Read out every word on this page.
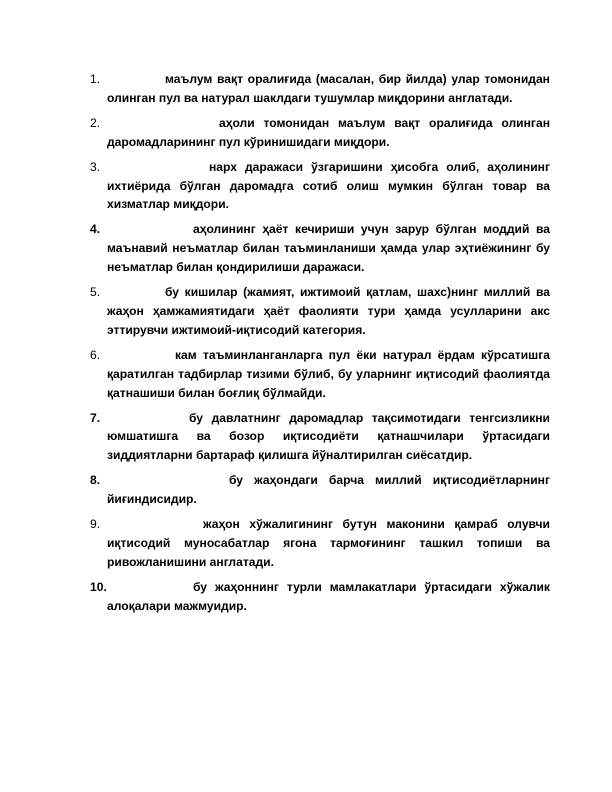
1.	маълум вақт оралиғида (масалан, бир йилда) улар томонидан олинган пул ва натурал шаклдаги тушумлар миқдорини англатади.
2.	аҳоли томонидан маълум вақт оралиғида олинган даромадларининг пул кўринишидаги миқдори.
3.	нарх даражаси ўзгаришини ҳисобга олиб, аҳолининг ихтиёрида бўлган даромадга сотиб олиш мумкин бўлган товар ва хизматлар миқдори.
4.	аҳолининг ҳаёт кечириши учун зарур бўлган моддий ва маънавий неъматлар билан таъминланиши ҳамда улар эҳтиёжининг бу неъматлар билан қондирилиши даражаси.
5.	бу кишилар (жамият, ижтимоий қатлам, шахс)нинг миллий ва жаҳон ҳамжамиятидаги ҳаёт фаолияти тури ҳамда усулларини акс эттирувчи ижтимоий-иқтисодий категория.
6.	кам таъминланганларга пул ёки натурал ёрдам кўрсатишга қаратилган тадбирлар тизими бўлиб, бу уларнинг иқтисодий фаолиятда қатнашиши билан боғлиқ бўлмайди.
7.	бу давлатнинг даромадлар тақсимотидаги тенгсизликни юмшатишга ва бозор иқтисодиёти қатнашчилари ўртасидаги зиддиятларни бартараф қилишга йўналтирилган сиёсатдир.
8.	бу жаҳондаги барча миллий иқтисодиётларнинг йиғиндисидир.
9.	жаҳон хўжалигининг бутун маконини қамраб олувчи иқтисодий муносабатлар ягона тармоғининг ташкил топиши ва ривожланишини англатади.
10.	бу жаҳоннинг турли мамлакатлари ўртасидаги хўжалик алоқалари мажмуидир.
